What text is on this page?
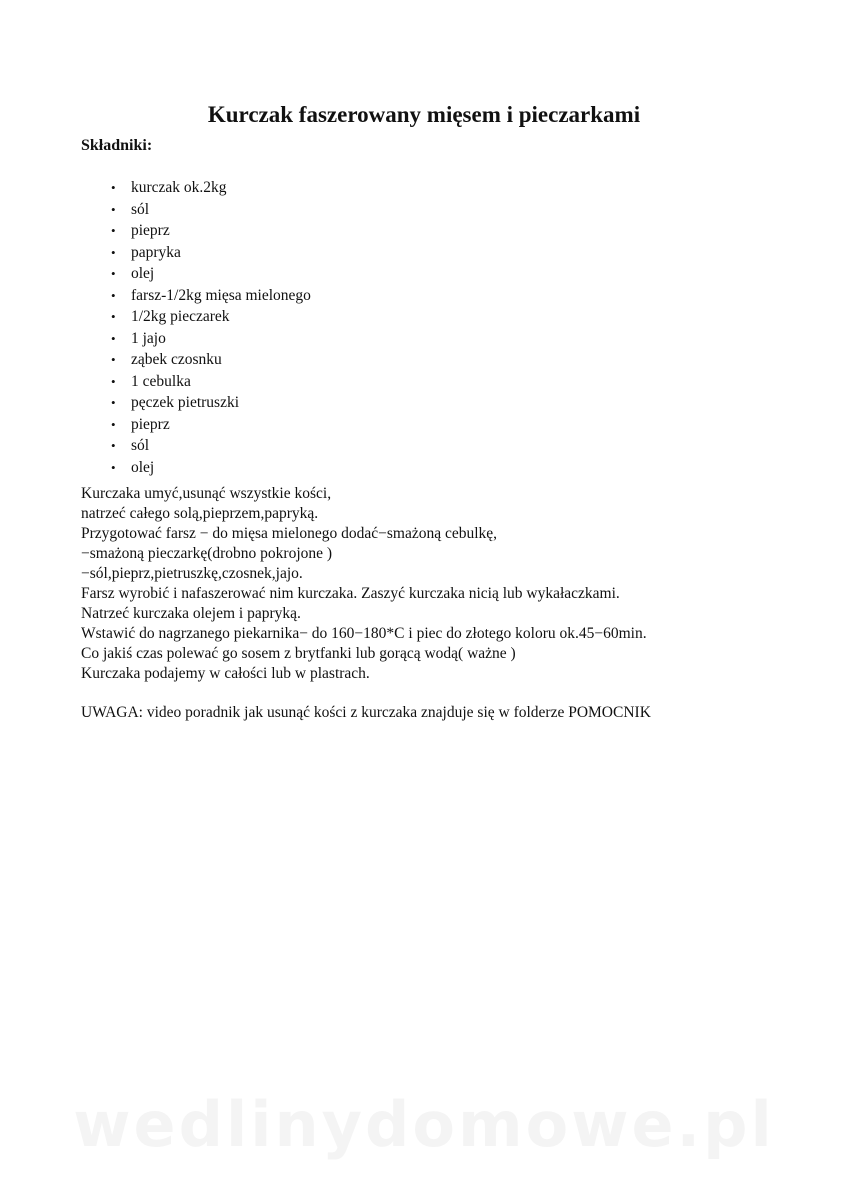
Kurczak faszerowany mięsem i pieczarkami

Składniki:

• kurczak ok.2kg
• sól
• pieprz
• papryka
• olej
• farsz-1/2kg mięsa mielonego
• 1/2kg pieczarek
• 1 jajo
• ząbek czosnku
• 1 cebulka
• pęczek pietruszki
• pieprz
• sól
• olej
Kurczaka umyć,usunąć wszystkie kości,
natrzeć całego solą,pieprzem,papryką.
Przygotować farsz − do mięsa mielonego dodać−smażoną cebulkę,
−smażoną pieczarkę(drobno pokrojone )
−sól,pieprz,pietruszkę,czosnek,jajo.
Farsz wyrobić i nafaszerować nim kurczaka. Zaszyć kurczaka nicią lub wykałaczkami.
Natrzeć kurczaka olejem i papryką.
Wstawić do nagrzanego piekarnika− do 160−180*C i piec do złotego koloru ok.45−60min.
Co jakiś czas polewać go sosem z brytfanki lub gorącą wodą( ważne )
Kurczaka podajemy w całości lub w plastrach.

UWAGA: video poradnik jak usunąć kości z kurczaka znajduje się w folderze POMOCNIK

wedlinydomowe.pl
